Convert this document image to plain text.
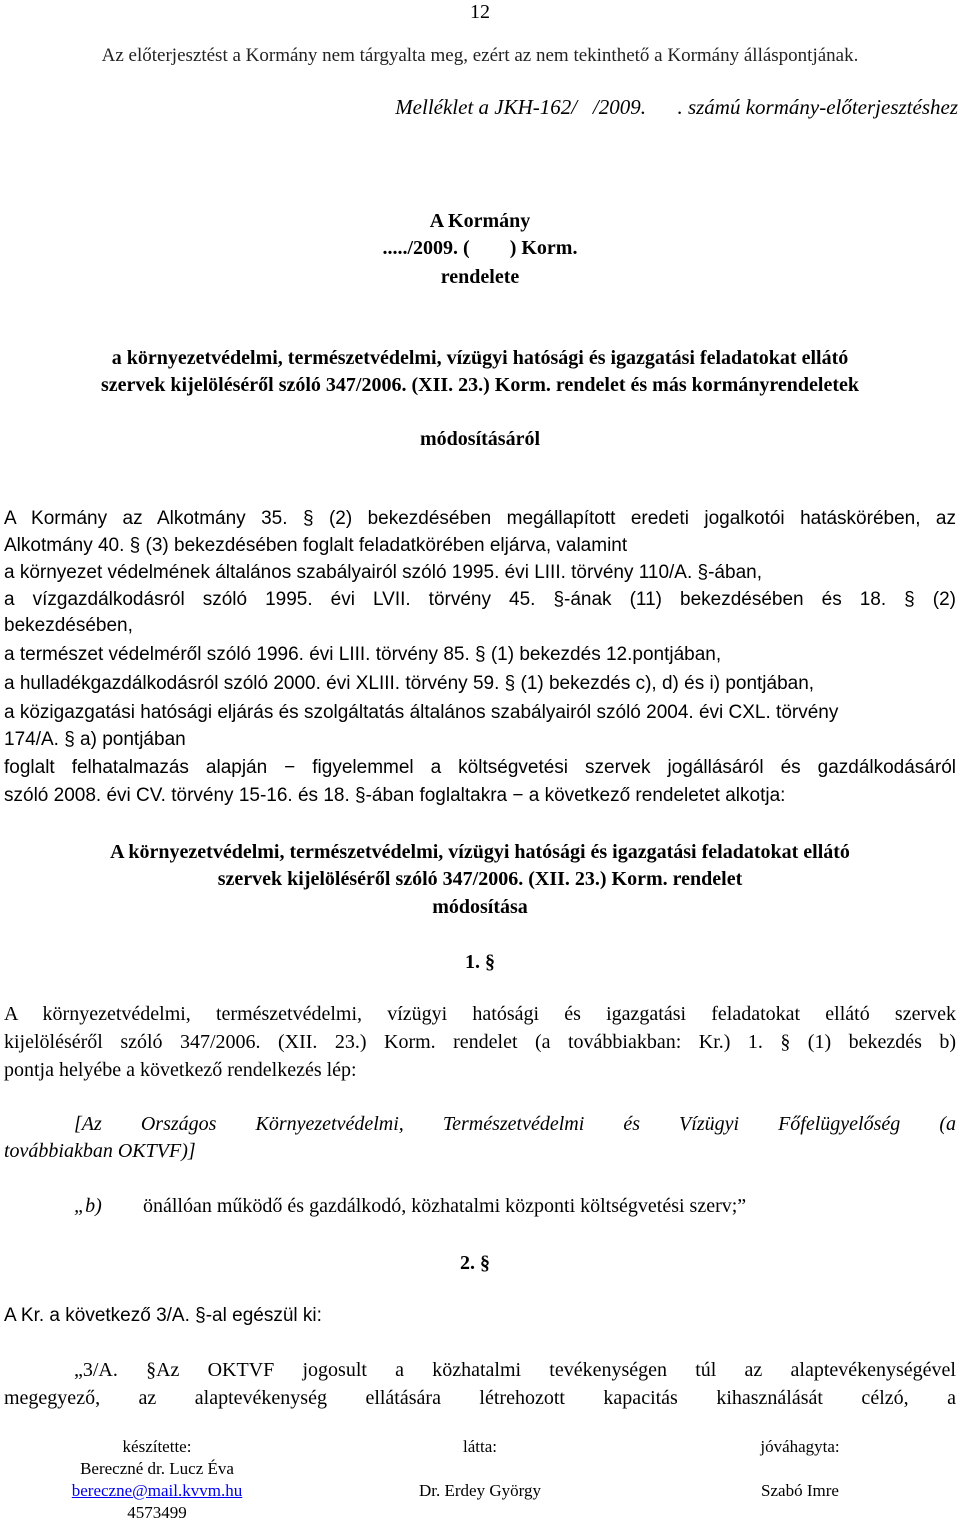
12
Az előterjesztést a Kormány nem tárgyalta meg, ezért az nem tekinthető a Kormány álláspontjának.
Melléklet a JKH-162/   /2009.      . számú kormány-előterjesztéshez
A Kormány
...../2009. (        ) Korm.
rendelete
a környezetvédelmi, természetvédelmi, vízügyi hatósági és igazgatási feladatokat ellátó
szervek kijelöléséről szóló 347/2006. (XII. 23.) Korm. rendelet és más kormányrendeletek
módosításáról
A Kormány az Alkotmány 35. § (2) bekezdésében megállapított eredeti jogalkotói hatáskörében, az
Alkotmány 40. § (3) bekezdésében foglalt feladatkörében eljárva, valamint
a környezet védelmének általános szabályairól szóló 1995. évi LIII. törvény 110/A. §-ában,
a vízgazdálkodásról szóló 1995. évi LVII. törvény 45. §-ának (11) bekezdésében és 18. § (2)
bekezdésében,
a természet védelméről szóló 1996. évi LIII. törvény 85. § (1) bekezdés 12.pontjában,
a hulladékgazdálkodásról szóló 2000. évi XLIII. törvény 59. § (1) bekezdés c), d) és i) pontjában,
a közigazgatási hatósági eljárás és szolgáltatás általános szabályairól szóló 2004. évi CXL. törvény
174/A. § a) pontjában
foglalt felhatalmazás alapján − figyelemmel a költségvetési szervek jogállásáról és gazdálkodásáról
szóló 2008. évi CV. törvény 15-16. és 18. §-ában foglaltakra − a következő rendeletet alkotja:
A környezetvédelmi, természetvédelmi, vízügyi hatósági és igazgatási feladatokat ellátó
szervek kijelöléséről szóló 347/2006. (XII. 23.) Korm. rendelet
módosítása
1. §
A környezetvédelmi, természetvédelmi, vízügyi hatósági és igazgatási feladatokat ellátó szervek
kijelöléséről szóló 347/2006. (XII. 23.) Korm. rendelet (a továbbiakban: Kr.) 1. § (1) bekezdés b)
pontja helyébe a következő rendelkezés lép:
[Az Országos Környezetvédelmi, Természetvédelmi és Vízügyi Főfelügyelőség (a
továbbiakban OKTVF)]
„b) önállóan működő és gazdálkodó, közhatalmi központi költségvetési szerv;”
2. §
A Kr. a következő 3/A. §-al egészül ki:
„3/A. §Az OKTVF jogosult a közhatalmi tevékenységen túl az alaptevékenységével
megegyező, az alaptevékenység ellátására létrehozott kapacitás kihasználását célzó, a
készítette:
Bereczné dr. Lucz Éva
bereczne@mail.kvvm.hu
4573499
látta:
Dr. Erdey György
jóváhagyta:
Szabó Imre
